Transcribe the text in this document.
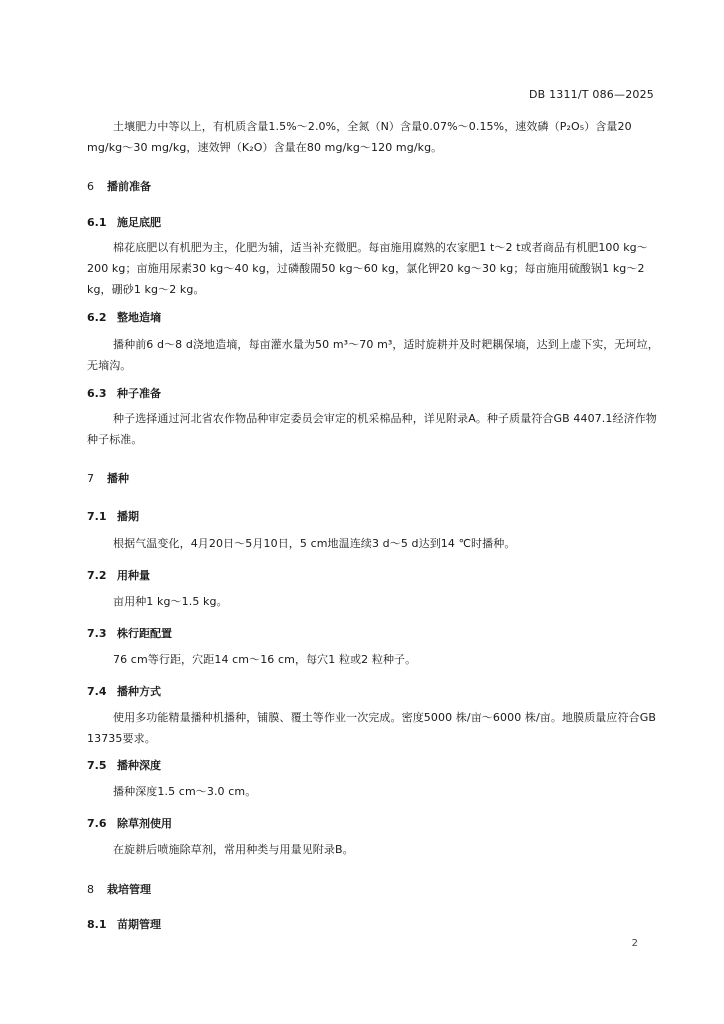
DB 1311/T 086—2025
土壤肥力中等以上，有机质含量1.5%～2.0%，全氮（N）含量0.07%～0.15%，速效磷（P₂O₅）含量20 mg/kg～30 mg/kg，速效钾（K₂O）含量在80 mg/kg～120 mg/kg。
6 播前准备
6.1 施足底肥
棉花底肥以有机肥为主，化肥为辅，适当补充微肥。每亩施用腐熟的农家肥1 t～2 t或者商品有机肥100 kg～200 kg；亩施用尿素30 kg～40 kg，过磷酸閙50 kg～60 kg，氯化钾20 kg～30 kg；每亩施用硫酸锅1 kg～2 kg，硼砂1 kg～2 kg。
6.2 整地造墒
播种前6 d～8 d浇地造墒，每亩灌水量为50 m³～70 m³，适时旋耕并及时耙耦保墒，达到上虚下实，无坷垃，无墒沟。
6.3 种子准备
种子选择通过河北省农作物品种审定委员会审定的机采棉品种，详见附录A。种子质量符合GB 4407.1经济作物种子标准。
7 播种
7.1 播期
根据气温变化，4月20日～5月10日，5 cm地温连续3 d～5 d达到14 ℃时播种。
7.2 用种量
亩用种1 kg～1.5 kg。
7.3 株行距配置
76 cm等行距，穴距14 cm～16 cm，每穴1 粒或2 粒种子。
7.4 播种方式
使用多功能精量播种机播种，铺膜、覆土等作业一次完成。密度5000 株/亩～6000 株/亩。地膜质量应符合GB 13735要求。
7.5 播种深度
播种深度1.5 cm～3.0 cm。
7.6 除草剂使用
在旋耕后喷施除草剂，常用种类与用量见附录B。
8 栽培管理
8.1 苗期管理
2
